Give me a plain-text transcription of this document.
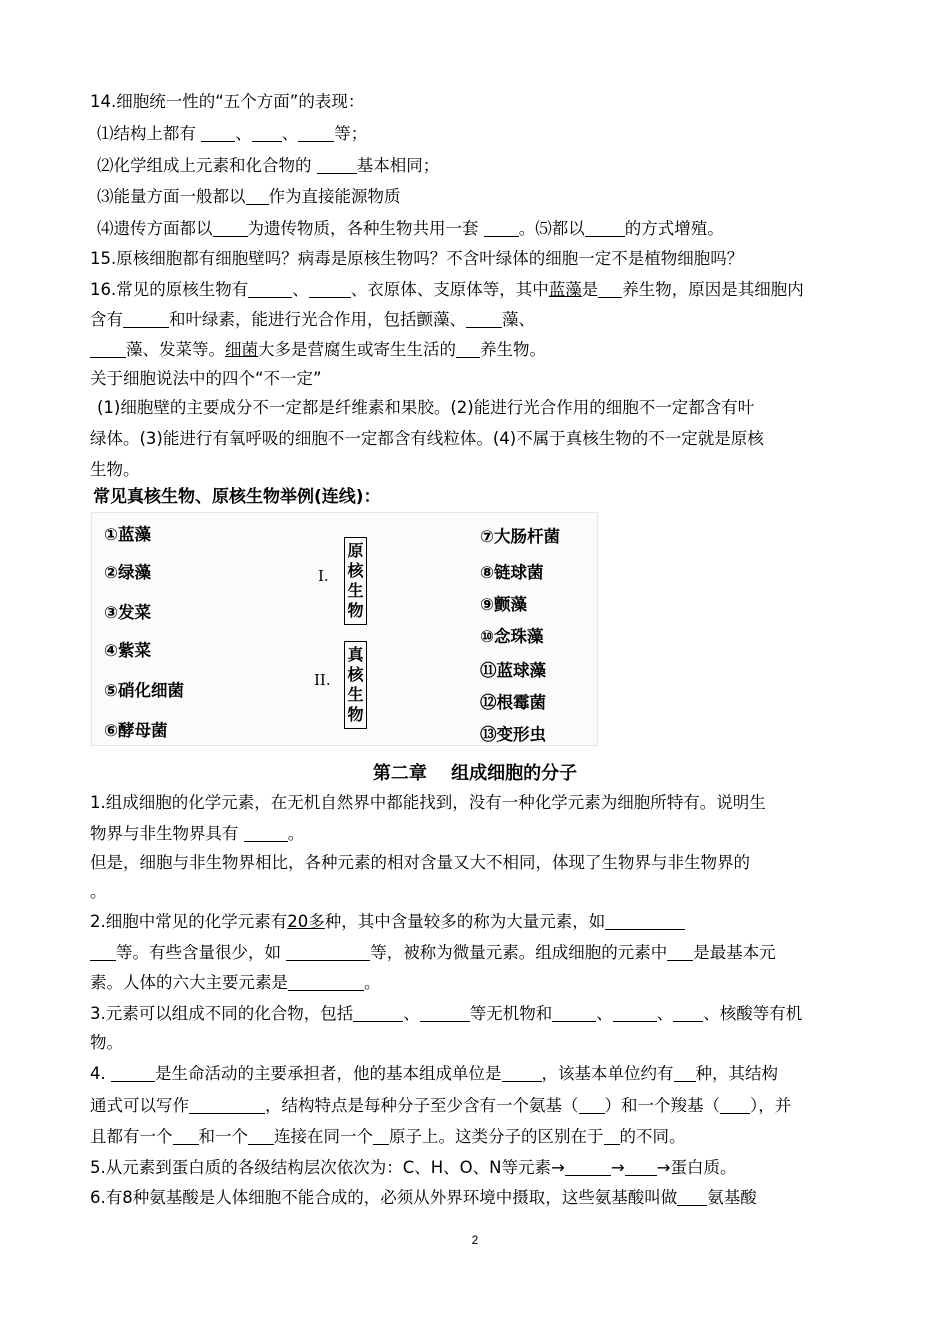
14.细胞统一性的“五个方面”的表现：
⑴结构上都有 、 、 等；
⑵化学组成上元素和化合物的 基本相同；
⑶能量方面一般都以 作为直接能源物质
⑷遗传方面都以 为遗传物质，各种生物共用一套 。⑸都以 的方式增殖。
15.原核细胞都有细胞壁吗？病毒是原核生物吗？不含叶绿体的细胞一定不是植物细胞吗？
16.常见的原核生物有	、	、衣原体、支原体等，其中蓝藻是 养生物，原因是其细胞内
含有	和叶绿素，能进行光合作用，包括颤藻、 藻、
藻、发菜等。细菌大多是营腐生或寄生生活的 养生物。
关于细胞说法中的四个“不一定”
(1)细胞壁的主要成分不一定都是纤维素和果胶。(2)能进行光合作用的细胞不一定都含有叶
绿体。(3)能进行有氧呼吸的细胞不一定都含有线粒体。(4)不属于真核生物的不一定就是原核
生物。
常见真核生物、原核生物举例(连线)：
①蓝藻
②绿藻
③发菜
④紫菜
⑤硝化细菌
⑥酵母菌
I.
原核生物
II.
真核生物
⑦大肠杆菌
⑧链球菌
⑨颤藻
⑩念珠藻
⑪蓝球藻
⑫根霉菌
⑬变形虫
第二章　 组成细胞的分子
1.组成细胞的化学元素，在无机自然界中都能找到，没有一种化学元素为细胞所特有。说明生
物界与非生物界具有	。
但是，细胞与非生物界相比，各种元素的相对含量又大不相同，体现了生物界与非生物界的
。
2.细胞中常见的化学元素有20多种，其中含量较多的称为大量元素，如
等。有些含量很少，如	等，被称为微量元素。组成细胞的元素中 是最基本元
素。人体的六大主要元素是	。
3.元素可以组成不同的化合物，包括	、	等无机物和	、	、 、核酸等有机
物。
4.	是生命活动的主要承担者，他的基本组成单位是 ，该基本单位约有 种，其结构
通式可以写作	，结构特点是每种分子至少含有一个氨基（ ）和一个羧基（ ），并
且都有一个 和一个 连接在同一个 原子上。这类分子的区别在于 的不同。
5.从元素到蛋白质的各级结构层次依次为：C、H、O、N等元素→	→ →蛋白质。
6.有8种氨基酸是人体细胞不能合成的，必须从外界环境中摄取，这些氨基酸叫做 氨基酸
2
